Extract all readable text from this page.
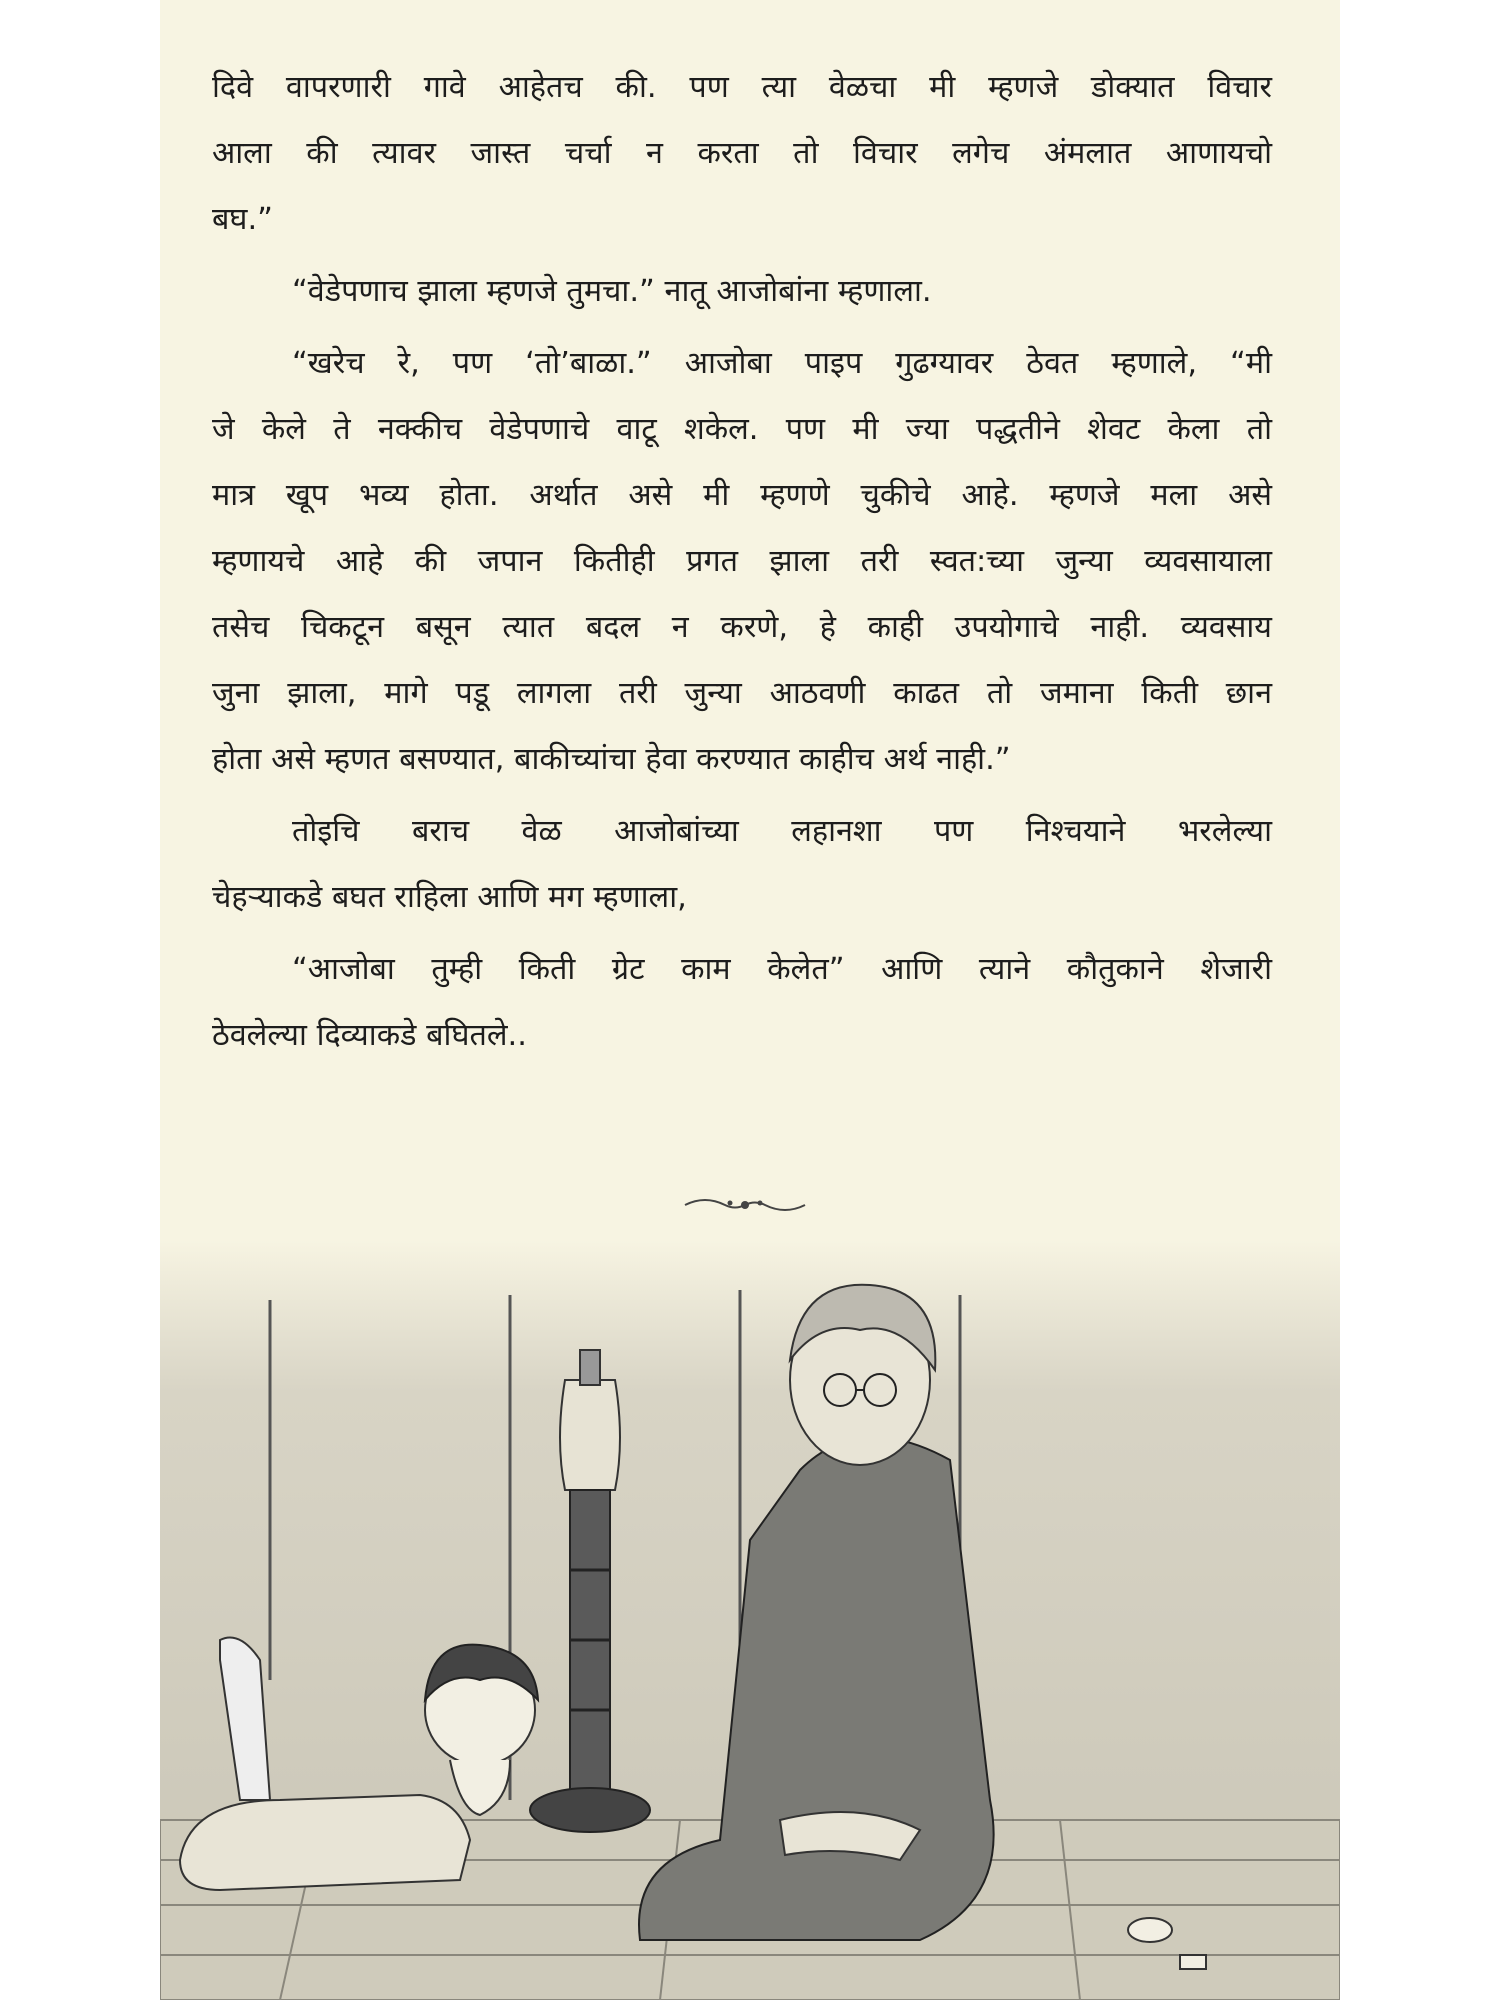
दिवे वापरणारी गावे आहेतच की. पण त्या वेळचा मी म्हणजे डोक्यात विचार
आला की त्यावर जास्त चर्चा न करता तो विचार लगेच अंमलात आणायचो
बघ.”
“वेडेपणाच झाला म्हणजे तुमचा.” नातू आजोबांना म्हणाला.
“खरेच रे, पण ‘तो’बाळा.” आजोबा पाइप गुढग्यावर ठेवत म्हणाले, “मी
जे केले ते नक्कीच वेडेपणाचे वाटू शकेल. पण मी ज्या पद्धतीने शेवट केला तो
मात्र खूप भव्य होता. अर्थात असे मी म्हणणे चुकीचे आहे. म्हणजे मला असे
म्हणायचे आहे की जपान कितीही प्रगत झाला तरी स्वत:च्या जुन्या व्यवसायाला
तसेच चिकटून बसून त्यात बदल न करणे, हे काही उपयोगाचे नाही. व्यवसाय
जुना झाला, मागे पडू लागला तरी जुन्या आठवणी काढत तो जमाना किती छान
होता असे म्हणत बसण्यात, बाकीच्यांचा हेवा करण्यात काहीच अर्थ नाही.”
तोइचि बराच वेळ आजोबांच्या लहानशा पण निश्चयाने भरलेल्या
चेहऱ्याकडे बघत राहिला आणि मग म्हणाला,
“आजोबा तुम्ही किती ग्रेट काम केलेत” आणि त्याने कौतुकाने शेजारी
ठेवलेल्या दिव्याकडे बघितले..
